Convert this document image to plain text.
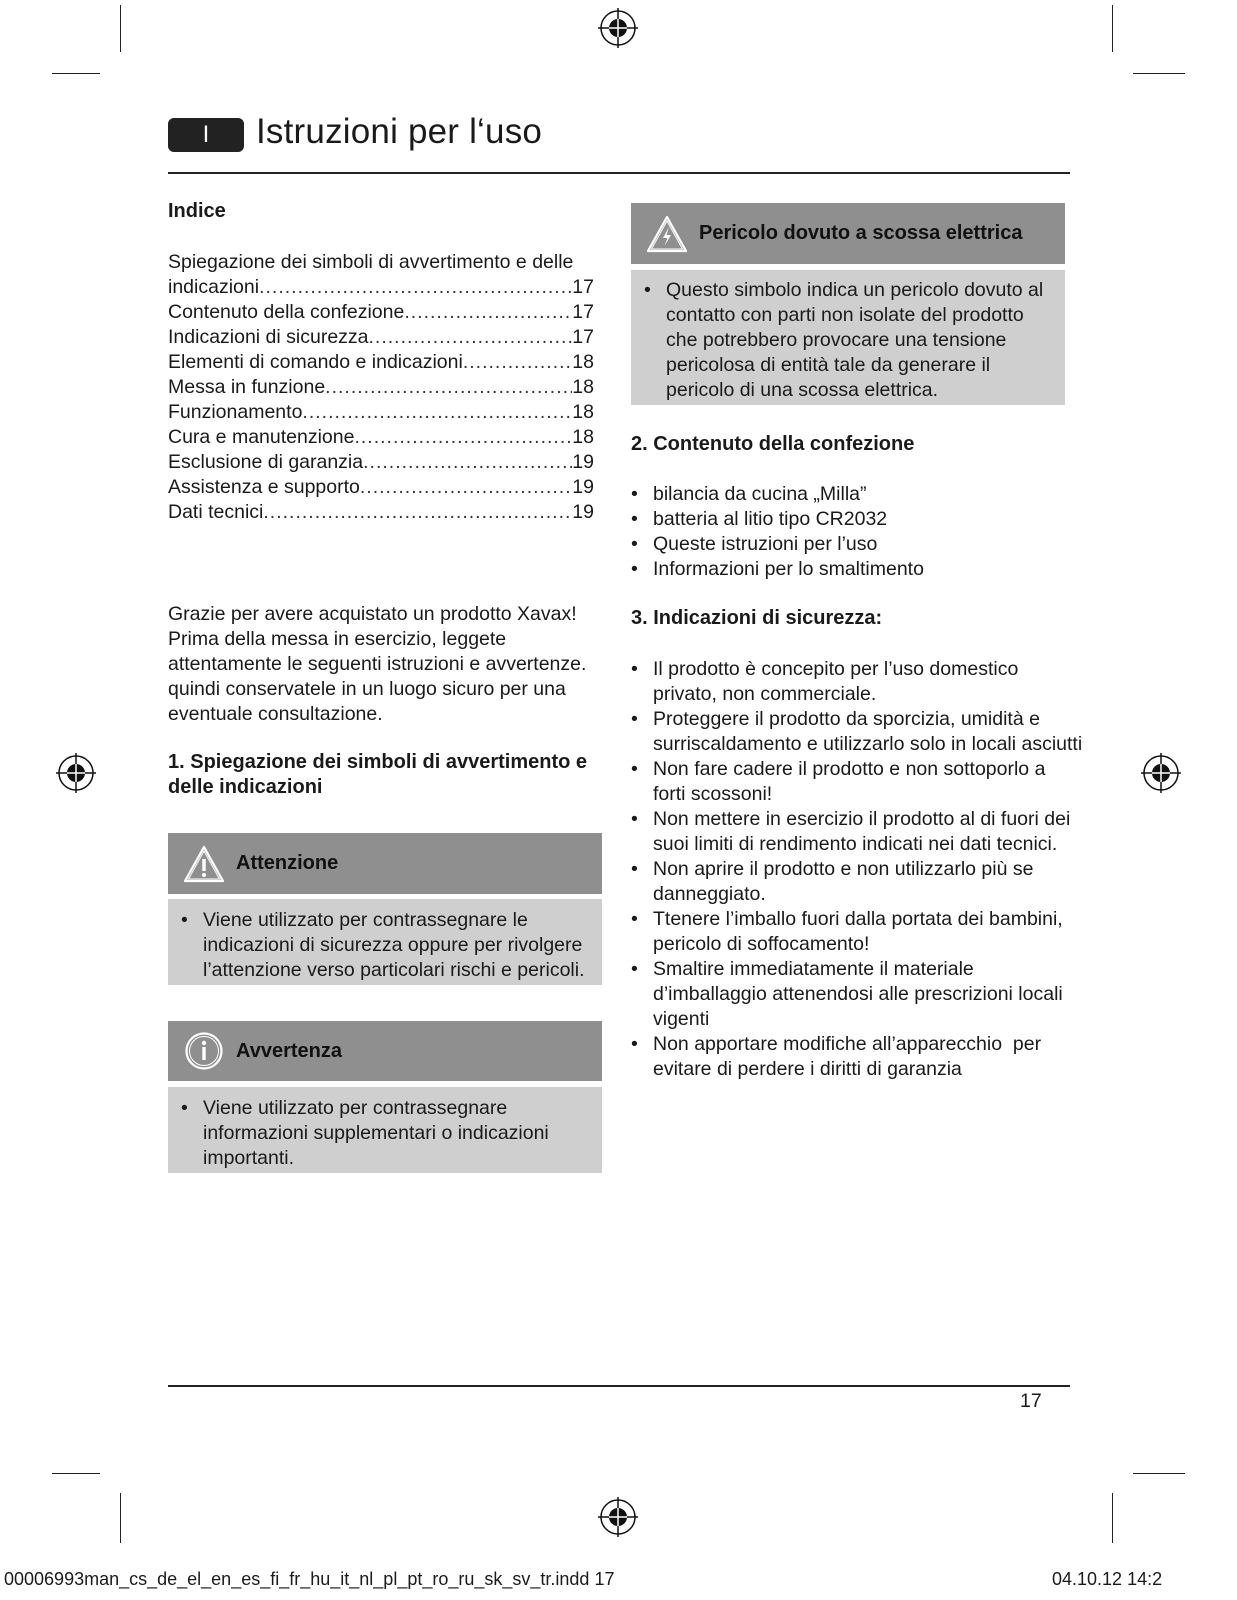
I	Istruzioni per l‘uso
Indice
Spiegazione dei simboli di avvertimento e delle
indicazioni .....	17
Contenuto della confezione .....	17
Indicazioni di sicurezza .....	17
Elementi di comando e indicazioni .....	18
Messa in funzione .....	18
Funzionamento .....	18
Cura e manutenzione .....	18
Esclusione di garanzia .....	19
Assistenza e supporto .....	19
Dati tecnici .....	19
Grazie per avere acquistato un prodotto Xavax!
Prima della messa in esercizio, leggete
attentamente le seguenti istruzioni e avvertenze.
quindi conservatele in un luogo sicuro per una
eventuale consultazione.
1. Spiegazione dei simboli di avvertimento e
delle indicazioni
Attenzione
• Viene utilizzato per contrassegnare le
indicazioni di sicurezza oppure per rivolgere
l’attenzione verso particolari rischi e pericoli.
Avvertenza
• Viene utilizzato per contrassegnare
informazioni supplementari o indicazioni
importanti.
Pericolo dovuto a scossa elettrica
• Questo simbolo indica un pericolo dovuto al
contatto con parti non isolate del prodotto
che potrebbero provocare una tensione
pericolosa di entità tale da generare il
pericolo di una scossa elettrica.
2. Contenuto della confezione
• bilancia da cucina „Milla”
• batteria al litio tipo CR2032
• Queste istruzioni per l’uso
• Informazioni per lo smaltimento
3. Indicazioni di sicurezza:
• Il prodotto è concepito per l’uso domestico
privato, non commerciale.
• Proteggere il prodotto da sporcizia, umidità e
surriscaldamento e utilizzarlo solo in locali asciutti
• Non fare cadere il prodotto e non sottoporlo a
forti scossoni!
• Non mettere in esercizio il prodotto al di fuori dei
suoi limiti di rendimento indicati nei dati tecnici.
• Non aprire il prodotto e non utilizzarlo più se
danneggiato.
• Ttenere l’imballo fuori dalla portata dei bambini,
pericolo di soffocamento!
• Smaltire immediatamente il materiale
d’imballaggio attenendosi alle prescrizioni locali
vigenti
• Non apportare modifiche all’apparecchio  per
evitare di perdere i diritti di garanzia
17
00006993man_cs_de_el_en_es_fi_fr_hu_it_nl_pl_pt_ro_ru_sk_sv_tr.indd 17	04.10.12 14:2
